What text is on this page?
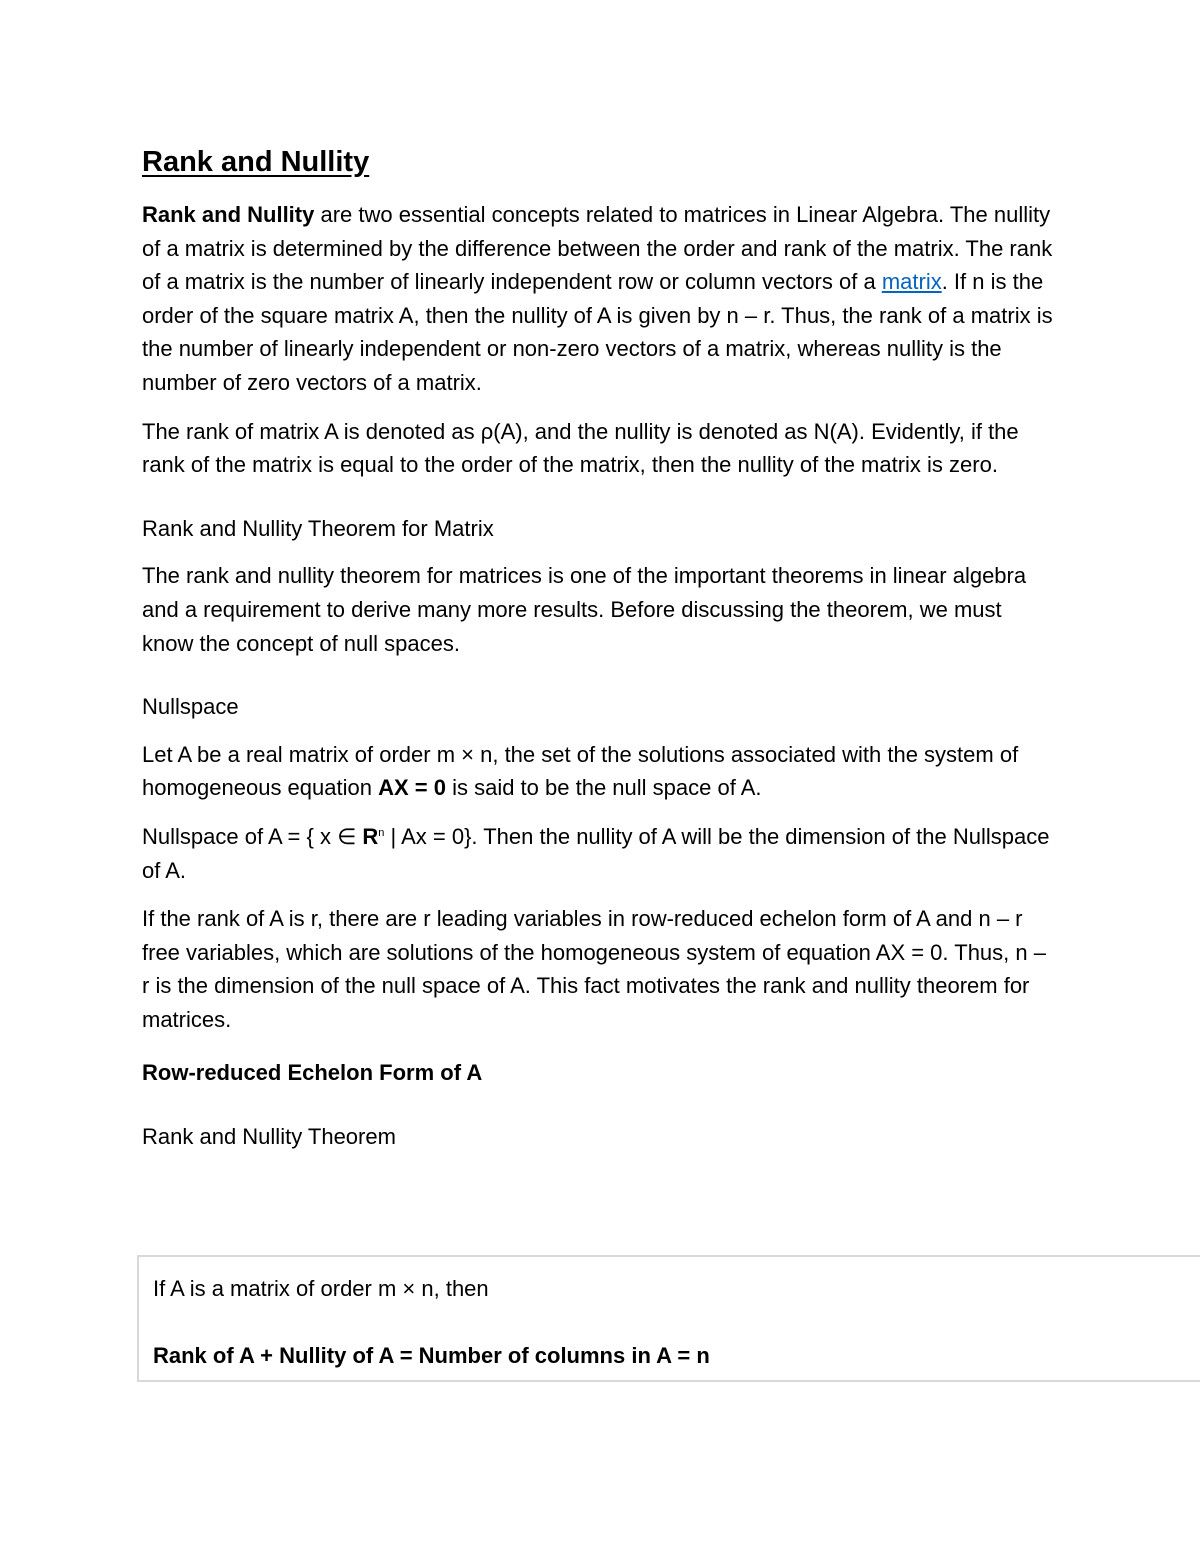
Rank and Nullity

Rank and Nullity are two essential concepts related to matrices in Linear Algebra. The nullity of a matrix is determined by the difference between the order and rank of the matrix. The rank of a matrix is the number of linearly independent row or column vectors of a matrix. If n is the order of the square matrix A, then the nullity of A is given by n – r. Thus, the rank of a matrix is the number of linearly independent or non-zero vectors of a matrix, whereas nullity is the number of zero vectors of a matrix.

The rank of matrix A is denoted as ρ(A), and the nullity is denoted as N(A). Evidently, if the rank of the matrix is equal to the order of the matrix, then the nullity of the matrix is zero.

Rank and Nullity Theorem for Matrix

The rank and nullity theorem for matrices is one of the important theorems in linear algebra and a requirement to derive many more results. Before discussing the theorem, we must know the concept of null spaces.

Nullspace

Let A be a real matrix of order m × n, the set of the solutions associated with the system of homogeneous equation AX = 0 is said to be the null space of A.

Nullspace of A = { x ∈ $R^n$ | Ax = 0}. Then the nullity of A will be the dimension of the Nullspace of A.

If the rank of A is r, there are r leading variables in row-reduced echelon form of A and n – r free variables, which are solutions of the homogeneous system of equation AX = 0. Thus, n – r is the dimension of the null space of A. This fact motivates the rank and nullity theorem for matrices.

Row-reduced Echelon Form of A

Rank and Nullity Theorem

If A is a matrix of order m × n, then
Rank of A + Nullity of A = Number of columns in A = n
